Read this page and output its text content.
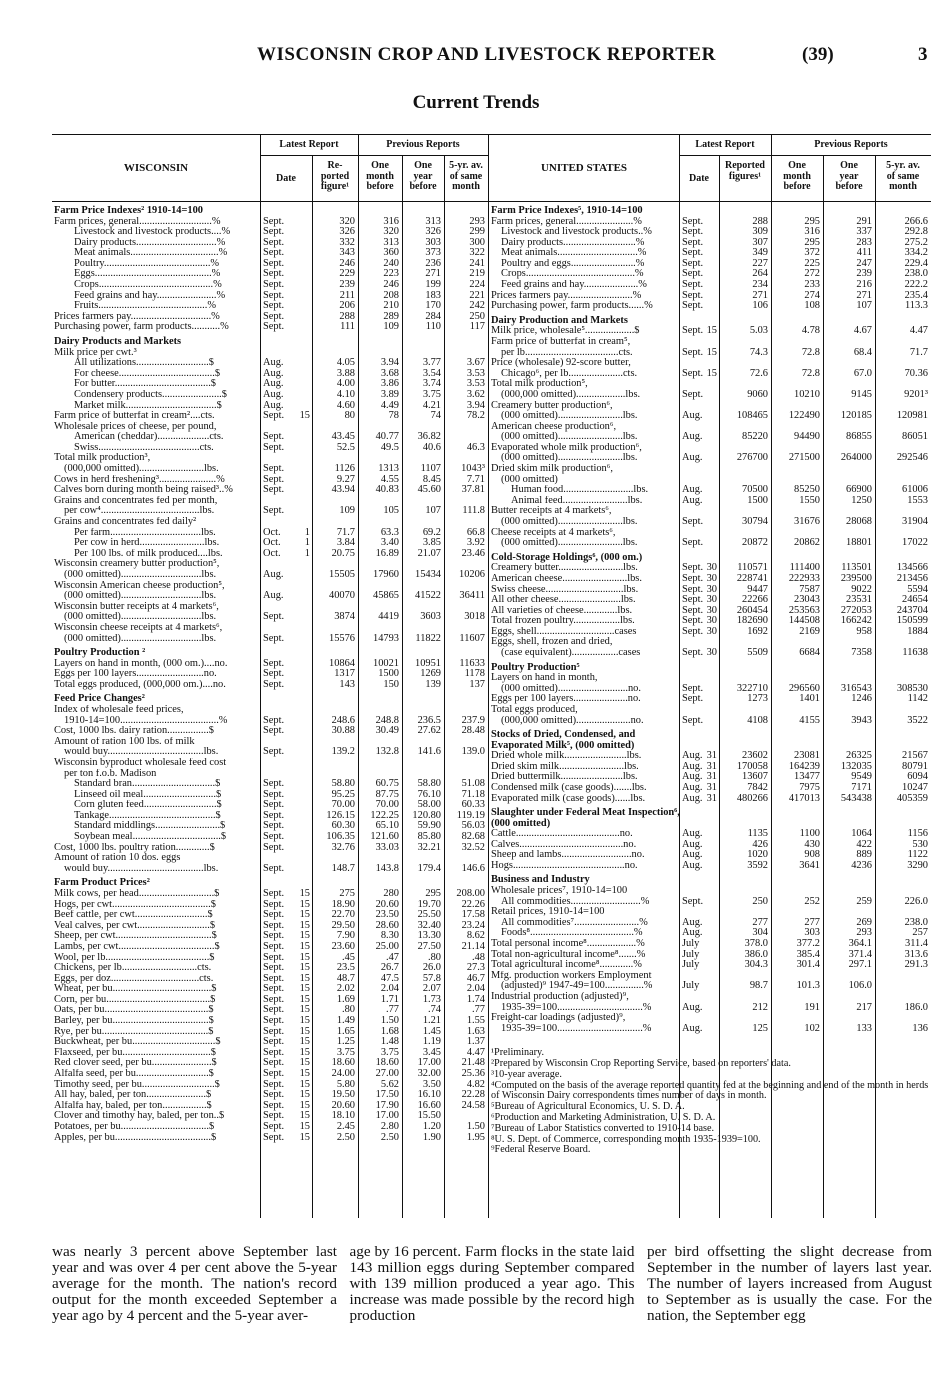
WISCONSIN CROP AND LIVESTOCK REPORTER	(39)	3
Current Trends
WISCONSIN
Latest Report	Previous Reports
Date
Re-
ported
figure¹
One
month
before
One
year
before
5-yr. av.
of same
month
Farm Price Indexes² 1910-14=100
Farm prices, general............................%	Sept.	320	316	313	293
Livestock and livestock products....%	Sept.	326	320	326	299
Dairy products...............................%	Sept.	332	313	303	300
Meat animals..................................%	Sept.	343	360	373	322
Poultry.........................................%	Sept.	246	240	236	241
Eggs.............................................%	Sept.	229	223	271	219
Crops............................................%	Sept.	239	246	199	224
Feed grains and hay.......................%	Sept.	211	208	183	221
Fruits..........................................%	Sept.	206	210	170	242
Prices farmers pay...............................%	Sept.	288	289	284	250
Purchasing power, farm products...........%	Sept.	111	109	110	117
Dairy Products and Markets
Milk price per cwt.³
All utilizations............................$	Aug.	4.05	3.94	3.77	3.67
For cheese.....................................$	Aug.	3.88	3.68	3.54	3.53
For butter.....................................$	Aug.	4.00	3.86	3.74	3.53
Condensery products.......................$	Aug.	4.10	3.89	3.75	3.62
Market milk...................................$	Aug.	4.60	4.49	4.21	3.94
Farm price of butterfat in cream²....cts.	Sept. 15	80	78	74	78.2
Wholesale prices of cheese, per pound,
American (cheddar)....................cts.	Sept.	43.45	40.77	36.82
Swiss.......................................cts.	Sept.	52.5	49.5	40.6	46.3
Total milk production³,
(000,000 omitted).........................lbs.	Sept.	1126	1313	1107	1043³
Cows in herd freshening³......................%	Sept.	9.27	4.55	8.45	7.71
Calves born during month being raised³..%	Sept.	43.94	40.83	45.60	37.81
Grains and concentrates fed per month,
per cow⁴......................................lbs.	Sept.	109	105	107	111.8
Grains and concentrates fed daily²
Per farm...................................lbs.	Oct. 1	71.7	63.3	69.2	66.8
Per cow in herd.........................lbs.	Oct. 1	3.84	3.40	3.85	3.92
Per 100 lbs. of milk produced....lbs.	Oct. 1	20.75	16.89	21.07	23.46
Wisconsin creamery butter production⁵,
(000 omitted)...............................lbs.	Aug.	15505	17960	15434	10206
Wisconsin American cheese production⁵,
(000 omitted)...............................lbs.	Aug.	40070	45865	41522	36411
Wisconsin butter receipts at 4 markets⁶,
(000 omitted)...............................lbs.	Sept.	3874	4419	3603	3018
Wisconsin cheese receipts at 4 markets⁶,
(000 omitted)...............................lbs.	Sept.	15576	14793	11822	11607
Poultry Production ²
Layers on hand in month, (000 om.)....no.	Sept.	10864	10021	10951	11633
Eggs per 100 layers..........................no.	Sept.	1317	1500	1269	1178
Total eggs produced, (000,000 om.)....no.	Sept.	143	150	139	137
Feed Price Changes²
Index of wholesale feed prices,
1910-14=100......................................%	Sept.	248.6	248.8	236.5	237.9
Cost, 1000 lbs. dairy ration................$	Sept.	30.88	30.49	27.62	28.48
Amount of ration 100 lbs. of milk
would buy.....................................lbs.	Sept.	139.2	132.8	141.6	139.0
Wisconsin byproduct wholesale feed cost
per ton f.o.b. Madison
Standard bran................................$	Sept.	58.80	60.75	58.80	51.08
Linseed oil meal............................$	Sept.	95.25	87.75	76.10	71.18
Corn gluten feed............................$	Sept.	70.00	70.00	58.00	60.33
Tankage.........................................$	Sept.	126.15	122.25	120.80	119.19
Standard middlings.........................$	Sept.	60.30	65.10	59.90	56.03
Soybean meal..................................$	Sept.	106.35	121.60	85.80	82.68
Cost, 1000 lbs. poultry ration.............$	Sept.	32.76	33.03	32.21	32.52
Amount of ration 10 dos. eggs
would buy.....................................lbs.	Sept.	148.7	143.8	179.4	146.6
Farm Product Prices²
Milk cows, per head.............................$	Sept. 15	275	280	295	208.00
Hogs, per cwt......................................$	Sept. 15	18.90	20.60	19.70	22.26
Beef cattle, per cwt............................$	Sept. 15	22.70	23.50	25.50	17.58
Veal calves, per cwt............................$	Sept. 15	29.50	28.60	32.40	23.24
Sheep, per cwt.....................................$	Sept. 15	7.90	8.30	13.30	8.62
Lambs, per cwt.....................................$	Sept. 15	23.60	25.00	27.50	21.14
Wool, per lb........................................$	Sept. 15	.45	.47	.80	.48
Chickens, per lb.............................cts.	Sept. 15	23.5	26.7	26.0	27.3
Eggs, per doz..................................cts.	Sept. 15	48.7	47.5	57.8	46.7
Wheat, per bu......................................$	Sept. 15	2.02	2.04	2.07	2.04
Corn, per bu........................................$	Sept. 15	1.69	1.71	1.73	1.74
Oats, per bu........................................$	Sept. 15	.80	.77	.74	.77
Barley, per bu.....................................$	Sept. 15	1.49	1.50	1.21	1.55
Rye, per bu.........................................$	Sept. 15	1.65	1.68	1.45	1.63
Buckwheat, per bu................................$	Sept. 15	1.25	1.48	1.19	1.37
Flaxseed, per bu..................................$	Sept. 15	3.75	3.75	3.45	4.47
Red clover seed, per bu.......................$	Sept. 15	18.60	18.60	17.00	21.48
Alfalfa seed, per bu............................$	Sept. 15	24.00	27.00	32.00	25.36
Timothy seed, per bu............................$	Sept. 15	5.80	5.62	3.50	4.82
All hay, baled, per ton.......................$	Sept. 15	19.50	17.50	16.10	22.28
Alfalfa hay, baled, per ton.................$	Sept. 15	20.60	17.90	16.60	24.58
Clover and timothy hay, baled, per ton..$	Sept. 15	18.10	17.00	15.50
Potatoes, per bu..................................$	Sept. 15	2.45	2.80	1.20	1.50
Apples, per bu.....................................$	Sept. 15	2.50	2.50	1.90	1.95
UNITED STATES
Latest Report	Previous Reports
Date
Reported
figures¹
One
month
before
One
year
before
5-yr. av.
of same
month
Farm Price Indexes⁵, 1910-14=100
Farm prices, general......................%	Sept.	288	295	291	266.6
Livestock and livestock products..%	Sept.	309	316	337	292.8
Dairy products............................%	Sept.	307	295	283	275.2
Meat animals...............................%	Sept.	349	372	411	334.2
Poultry and eggs.........................%	Sept.	227	225	247	229.4
Crops..........................................%	Sept.	264	272	239	238.0
Feed grains and hay.....................%	Sept.	234	233	216	222.2
Prices farmers pay.........................%	Sept.	271	274	271	235.4
Purchasing power, farm products......%	Sept.	106	108	107	113.3
Dairy Production and Markets
Milk price, wholesale⁵...................$	Sept. 15	5.03	4.78	4.67	4.47
Farm price of butterfat in cream⁵,
per lb....................................cts.	Sept. 15	74.3	72.8	68.4	71.7
Price (wholesale) 92-score butter,
Chicago⁶, per lb.....................cts.	Sept. 15	72.6	72.8	67.0	70.36
Total milk production⁵,
(000,000 omitted)...................lbs.	Sept.	9060	10210	9145	9201³
Creamery butter production⁶,
(000 omitted).........................lbs.	Aug.	108465	122490	120185	120981
American cheese production⁶,
(000 omitted).........................lbs.	Aug.	85220	94490	86855	86051
Evaporated whole milk production⁶,
(000 omitted).........................lbs.	Aug.	276700	271500	264000	292546
Dried skim milk production⁶,
(000 omitted)
Human food...........................lbs.	Aug.	70500	85250	66900	61006
Animal feed.........................lbs.	Aug.	1500	1550	1250	1553
Butter receipts at 4 markets⁶,
(000 omitted).........................lbs.	Sept.	30794	31676	28068	31904
Cheese receipts at 4 markets⁶,
(000 omitted).........................lbs.	Sept.	20872	20862	18801	17022
Cold-Storage Holdings⁶, (000 om.)
Creamery butter.........................lbs.	Sept. 30	110571	111400	113501	134566
American cheese.........................lbs.	Sept. 30	228741	222933	239500	213456
Swiss cheese..............................lbs.	Sept. 30	9447	7587	9022	5594
All other cheese........................lbs.	Sept. 30	22266	23043	23531	24654
All varieties of cheese.............lbs.	Sept. 30	260454	253563	272053	243704
Total frozen poultry..................lbs.	Sept. 30	182690	144508	166242	150599
Eggs, shell..............................cases	Sept. 30	1692	2169	958	1884
Eggs, shell, frozen and dried,
(case equivalent)..................cases	Sept. 30	5509	6684	7358	11638
Poultry Production⁵
Layers on hand in month,
(000 omitted)...........................no.	Sept.	322710	296560	316543	308530
Eggs per 100 layers.....................no.	Sept.	1273	1401	1246	1142
Total eggs produced,
(000,000 omitted).....................no.	Sept.	4108	4155	3943	3522
Stocks of Dried, Condensed, and Evaporated Milk⁵, (000 omitted)
Dried whole milk........................lbs.	Aug. 31	23602	23081	26325	21567
Dried skim milk.........................lbs.	Aug. 31	170058	164239	132035	80791
Dried buttermilk........................lbs.	Aug. 31	13607	13477	9549	6094
Condensed milk (case goods).......lbs.	Aug. 31	7842	7975	7171	10247
Evaporated milk (case goods)......lbs.	Aug. 31	480266	417013	543438	405359
Slaughter under Federal Meat Inspection⁶, (000 omitted)
Cattle........................................no.	Aug.	1135	1100	1064	1156
Calves........................................no.	Aug.	426	430	422	530
Sheep and lambs...........................no.	Aug.	1020	908	889	1122
Hogs...........................................no.	Aug.	3592	3641	4236	3290
Business and Industry
Wholesale prices⁷, 1910-14=100
All commodities...........................%	Sept.	250	252	259	226.0
Retail prices, 1910-14=100
All commodities⁷.........................%	Aug.	277	277	269	238.0
Foods⁸........................................%	Aug.	304	303	293	257
Total personal income⁸...................%	July	378.0	377.2	364.1	311.4
Total non-agricultural income⁸.......%	July	386.0	385.4	371.4	313.6
Total agricultural income⁸.............%	July	304.3	301.4	297.1	291.3
Mfg. production workers Employment
(adjusted)⁹ 1947-49=100...............%	July	98.7	101.3	106.0
Industrial production (adjusted)⁹,
1935-39=100.................................%	Aug.	212	191	217	186.0
Freight-car loadings (adjusted)⁹,
1935-39=100.................................%	Aug.	125	102	133	136
¹Preliminary.
²Prepared by Wisconsin Crop Reporting Service, based on reporters' data.
³10-year average.
⁴Computed on the basis of the average reported quantity fed at the beginning and end of the month in herds of Wisconsin Dairy correspondents times number of days in month.
⁵Bureau of Agricultural Economics, U. S. D. A.
⁶Production and Marketing Administration, U. S. D. A.
⁷Bureau of Labor Statistics converted to 1910-14 base.
⁸U. S. Dept. of Commerce, corresponding month 1935-1939=100.
⁹Federal Reserve Board.
was nearly 3 percent above September last year and was over 4 per cent above the 5-year average for the month. The nation's record output for the month exceeded September a year ago by 4 percent and the 5-year aver-
age by 16 percent. Farm flocks in the state laid 143 million eggs during September compared with 139 million produced a year ago. This increase was made possible by the record high production
per bird offsetting the slight decrease from September in the number of layers last year. The number of layers increased from August to September as is usually the case. For the nation, the September egg
